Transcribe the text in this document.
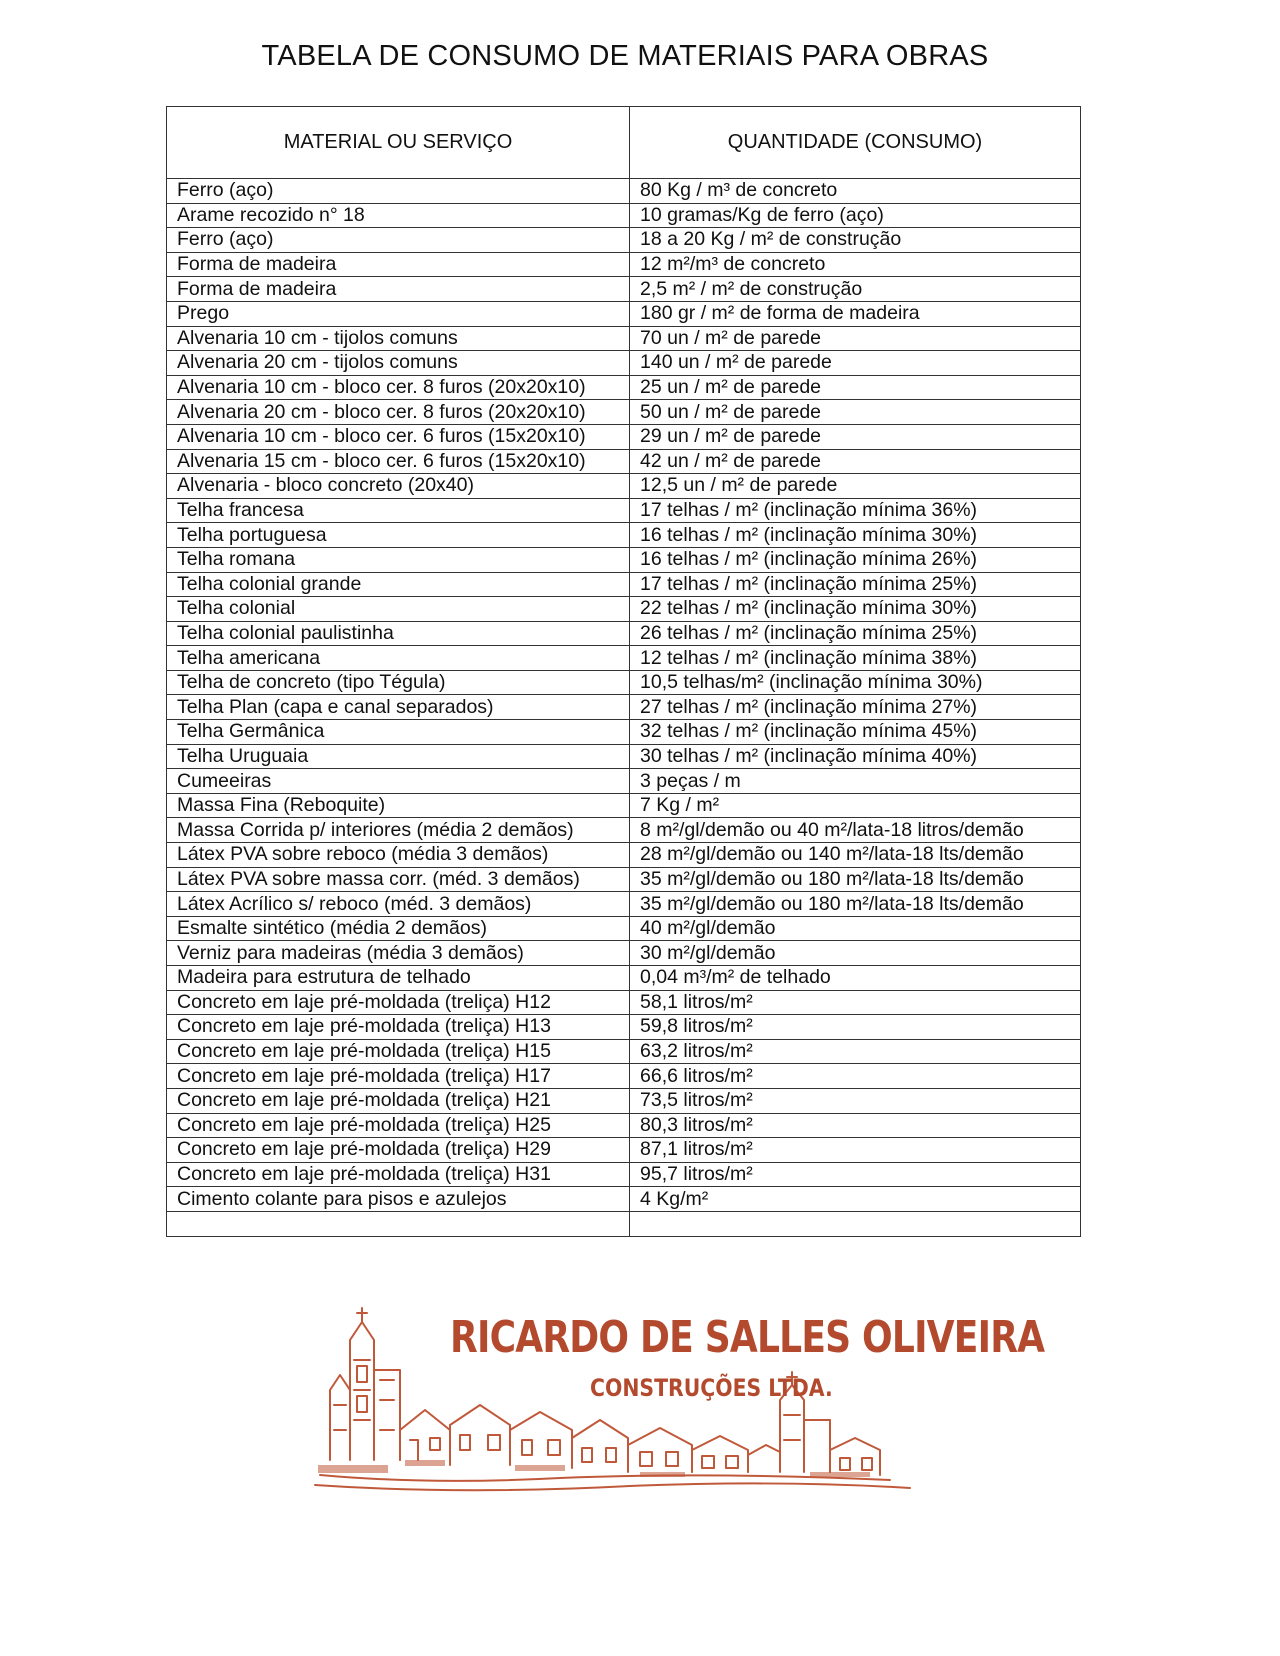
TABELA DE CONSUMO DE MATERIAIS PARA OBRAS
MATERIAL OU SERVIÇO	QUANTIDADE (CONSUMO)
Ferro (aço)	80 Kg / m³ de concreto
Arame recozido n° 18	10 gramas/Kg de ferro (aço)
Ferro (aço)	18 a 20 Kg / m² de construção
Forma de madeira	12 m²/m³ de concreto
Forma de madeira	2,5 m² / m² de construção
Prego	180 gr / m² de forma de madeira
Alvenaria 10 cm - tijolos comuns	70 un / m² de parede
Alvenaria 20 cm - tijolos comuns	140 un / m² de parede
Alvenaria 10 cm - bloco cer. 8 furos (20x20x10)	25 un / m² de parede
Alvenaria 20 cm - bloco cer. 8 furos (20x20x10)	50 un / m² de parede
Alvenaria 10 cm - bloco cer. 6 furos (15x20x10)	29 un / m² de parede
Alvenaria 15 cm - bloco cer. 6 furos (15x20x10)	42 un / m² de parede
Alvenaria - bloco concreto (20x40)	12,5 un / m² de parede
Telha francesa	17 telhas / m² (inclinação mínima 36%)
Telha portuguesa	16 telhas / m² (inclinação mínima 30%)
Telha romana	16 telhas / m² (inclinação mínima 26%)
Telha colonial grande	17 telhas / m² (inclinação mínima 25%)
Telha colonial	22 telhas / m² (inclinação mínima 30%)
Telha colonial paulistinha	26 telhas / m² (inclinação mínima 25%)
Telha americana	12 telhas / m² (inclinação mínima 38%)
Telha de concreto (tipo Tégula)	10,5 telhas/m² (inclinação mínima 30%)
Telha Plan (capa e canal separados)	27 telhas / m² (inclinação mínima 27%)
Telha Germânica	32 telhas / m² (inclinação mínima 45%)
Telha Uruguaia	30 telhas / m² (inclinação mínima 40%)
Cumeeiras	3 peças / m
Massa Fina (Reboquite)	7 Kg / m²
Massa Corrida p/ interiores (média 2 demãos)	8 m²/gl/demão ou 40 m²/lata-18 litros/demão
Látex PVA sobre reboco (média 3 demãos)	28 m²/gl/demão ou 140 m²/lata-18 lts/demão
Látex PVA sobre massa corr. (méd. 3 demãos)	35 m²/gl/demão ou 180 m²/lata-18 lts/demão
Látex Acrílico s/ reboco (méd. 3 demãos)	35 m²/gl/demão ou 180 m²/lata-18 lts/demão
Esmalte sintético (média 2 demãos)	40 m²/gl/demão
Verniz para madeiras (média 3 demãos)	30 m²/gl/demão
Madeira para estrutura de telhado	0,04 m³/m² de telhado
Concreto em laje pré-moldada (treliça) H12	58,1 litros/m²
Concreto em laje pré-moldada (treliça) H13	59,8 litros/m²
Concreto em laje pré-moldada (treliça) H15	63,2 litros/m²
Concreto em laje pré-moldada (treliça) H17	66,6 litros/m²
Concreto em laje pré-moldada (treliça) H21	73,5 litros/m²
Concreto em laje pré-moldada (treliça) H25	80,3 litros/m²
Concreto em laje pré-moldada (treliça) H29	87,1 litros/m²
Concreto em laje pré-moldada (treliça) H31	95,7 litros/m²
Cimento colante para pisos e azulejos	4 Kg/m²

RICARDO DE SALLES OLIVEIRA
CONSTRUÇÕES LTDA.
